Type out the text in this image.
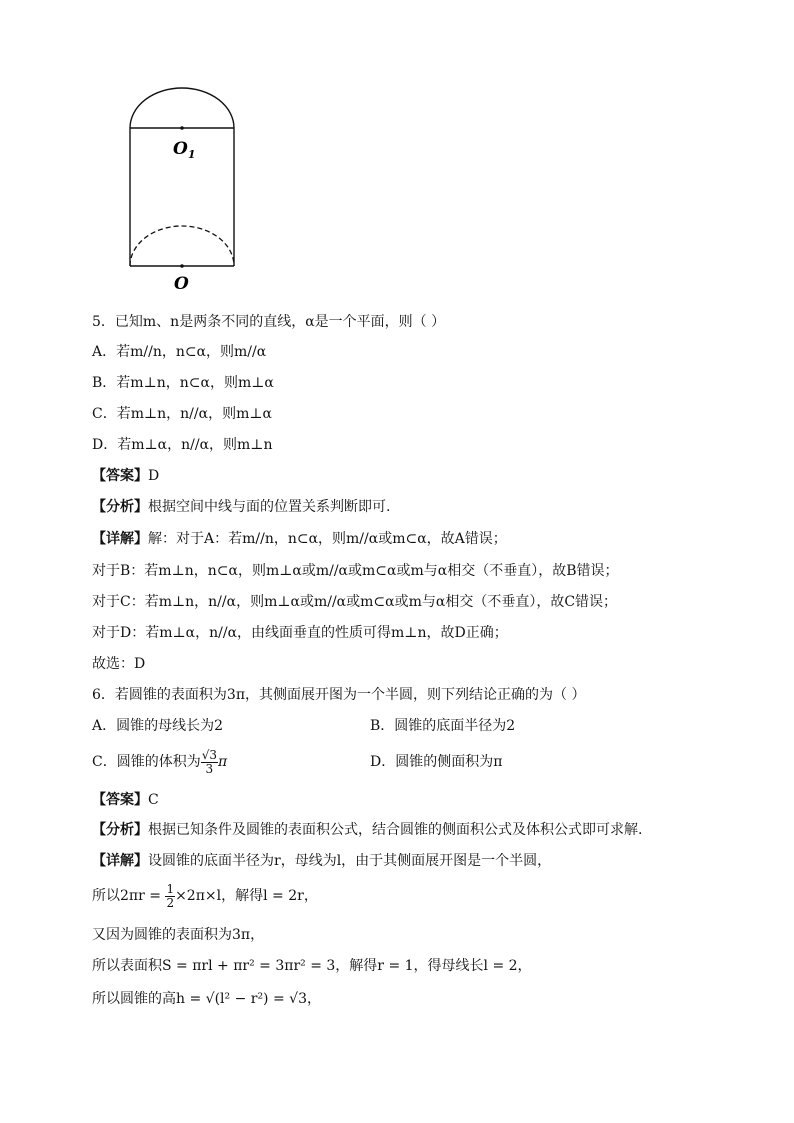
$O_1$
O
5．已知m、n是两条不同的直线，α是一个平面，则（ ）
A．若m//n，n⊂α，则m//α
B．若m⊥n，n⊂α，则m⊥α
C．若m⊥n，n//α，则m⊥α
D．若m⊥α，n//α，则m⊥n
【答案】D
【分析】根据空间中线与面的位置关系判断即可.
【详解】解：对于A：若m//n，n⊂α，则m//α或m⊂α，故A错误；
对于B：若m⊥n，n⊂α，则m⊥α或m//α或m⊂α或m与α相交（不垂直），故B错误；
对于C：若m⊥n，n//α，则m⊥α或m//α或m⊂α或m与α相交（不垂直），故C错误；
对于D：若m⊥α，n//α，由线面垂直的性质可得m⊥n，故D正确；
故选：D
6．若圆锥的表面积为3π，其侧面展开图为一个半圆，则下列结论正确的为（ ）
A．圆锥的母线长为2	B．圆锥的底面半径为2
C．圆锥的体积为 $\frac{√3}{3}$ π	D．圆锥的侧面积为π
【答案】C
【分析】根据已知条件及圆锥的表面积公式，结合圆锥的侧面积公式及体积公式即可求解.
【详解】设圆锥的底面半径为r，母线为l，由于其侧面展开图是一个半圆，
所以$2\pi r = \frac{1}{2} \times 2\pi\times l$，解得l = 2r，
又因为圆锥的表面积为3π，
所以表面积S = πrl + πr² = 3πr² = 3，解得r = 1，得母线长l = 2，
所以圆锥的高h = √(l² − r²) = √3，
